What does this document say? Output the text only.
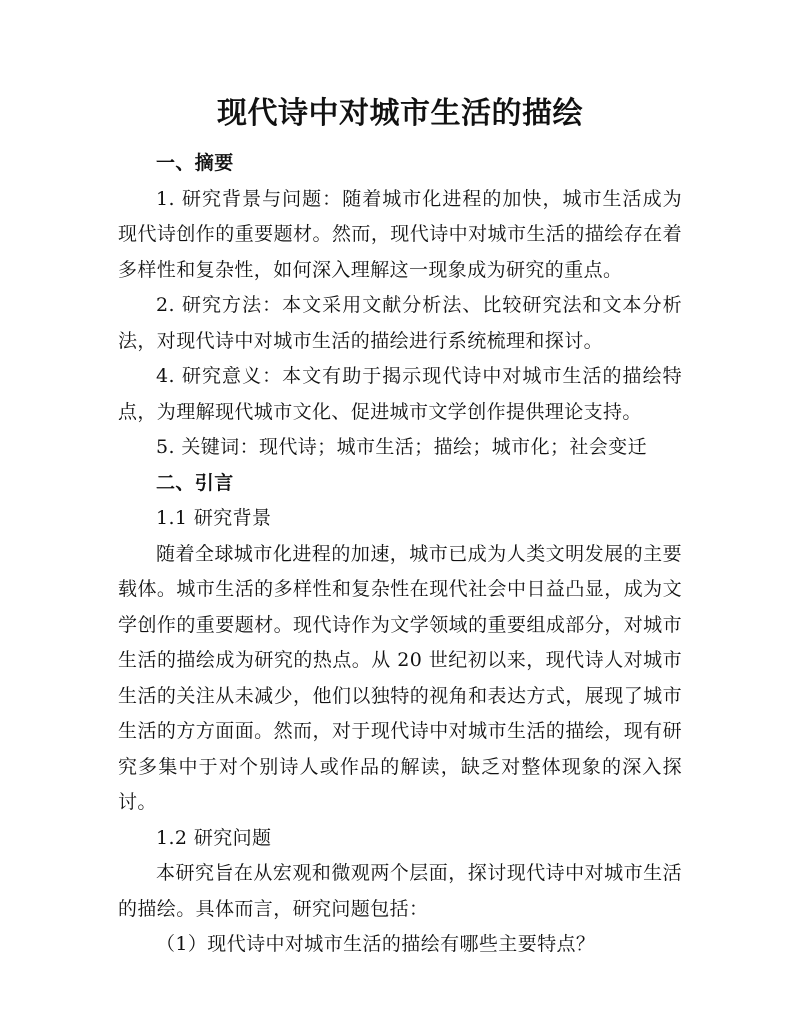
现代诗中对城市生活的描绘

一、摘要

1. 研究背景与问题：随着城市化进程的加快，城市生活成为现代诗创作的重要题材。然而，现代诗中对城市生活的描绘存在着多样性和复杂性，如何深入理解这一现象成为研究的重点。

2. 研究方法：本文采用文献分析法、比较研究法和文本分析法，对现代诗中对城市生活的描绘进行系统梳理和探讨。

4. 研究意义：本文有助于揭示现代诗中对城市生活的描绘特点，为理解现代城市文化、促进城市文学创作提供理论支持。

5. 关键词：现代诗；城市生活；描绘；城市化；社会变迁

二、引言

1.1 研究背景

随着全球城市化进程的加速，城市已成为人类文明发展的主要载体。城市生活的多样性和复杂性在现代社会中日益凸显，成为文学创作的重要题材。现代诗作为文学领域的重要组成部分，对城市生活的描绘成为研究的热点。从 20 世纪初以来，现代诗人对城市生活的关注从未减少，他们以独特的视角和表达方式，展现了城市生活的方方面面。然而，对于现代诗中对城市生活的描绘，现有研究多集中于对个别诗人或作品的解读，缺乏对整体现象的深入探讨。

1.2 研究问题

本研究旨在从宏观和微观两个层面，探讨现代诗中对城市生活的描绘。具体而言，研究问题包括：

（1）现代诗中对城市生活的描绘有哪些主要特点？
